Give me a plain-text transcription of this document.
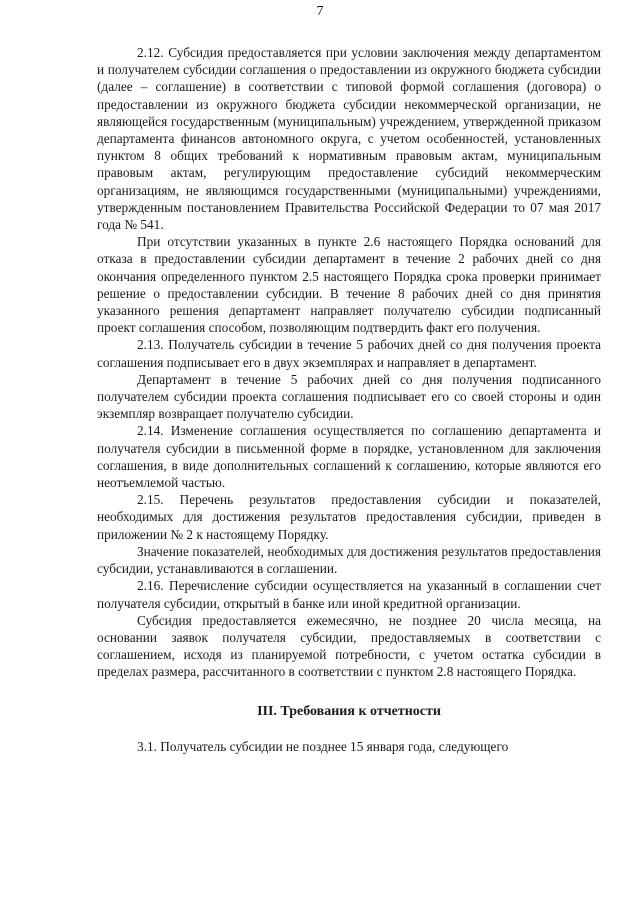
7

2.12. Субсидия предоставляется при условии заключения между департаментом и получателем субсидии соглашения о предоставлении из окружного бюджета субсидии (далее – соглашение) в соответствии с типовой формой соглашения (договора) о предоставлении из окружного бюджета субсидии некоммерческой организации, не являющейся государственным (муниципальным) учреждением, утвержденной приказом департамента финансов автономного округа, с учетом особенностей, установленных пунктом 8 общих требований к нормативным правовым актам, муниципальным правовым актам, регулирующим предоставление субсидий некоммерческим организациям, не являющимся государственными (муниципальными) учреждениями, утвержденным постановлением Правительства Российской Федерации то 07 мая 2017 года № 541.

При отсутствии указанных в пункте 2.6 настоящего Порядка оснований для отказа в предоставлении субсидии департамент в течение 2 рабочих дней со дня окончания определенного пунктом 2.5 настоящего Порядка срока проверки принимает решение о предоставлении субсидии. В течение 8 рабочих дней со дня принятия указанного решения департамент направляет получателю субсидии подписанный проект соглашения способом, позволяющим подтвердить факт его получения.

2.13. Получатель субсидии в течение 5 рабочих дней со дня получения проекта соглашения подписывает его в двух экземплярах и направляет в департамент.

Департамент в течение 5 рабочих дней со дня получения подписанного получателем субсидии проекта соглашения подписывает его со своей стороны и один экземпляр возвращает получателю субсидии.

2.14. Изменение соглашения осуществляется по соглашению департамента и получателя субсидии в письменной форме в порядке, установленном для заключения соглашения, в виде дополнительных соглашений к соглашению, которые являются его неотъемлемой частью.

2.15. Перечень результатов предоставления субсидии и показателей, необходимых для достижения результатов предоставления субсидии, приведен в приложении № 2 к настоящему Порядку.

Значение показателей, необходимых для достижения результатов предоставления субсидии, устанавливаются в соглашении.

2.16. Перечисление субсидии осуществляется на указанный в соглашении счет получателя субсидии, открытый в банке или иной кредитной организации.

Субсидия предоставляется ежемесячно, не позднее 20 числа месяца, на основании заявок получателя субсидии, предоставляемых в соответствии с соглашением, исходя из планируемой потребности, с учетом остатка субсидии в пределах размера, рассчитанного в соответствии с пунктом 2.8 настоящего Порядка.

III. Требования к отчетности

3.1. Получатель субсидии не позднее 15 января года, следующего
